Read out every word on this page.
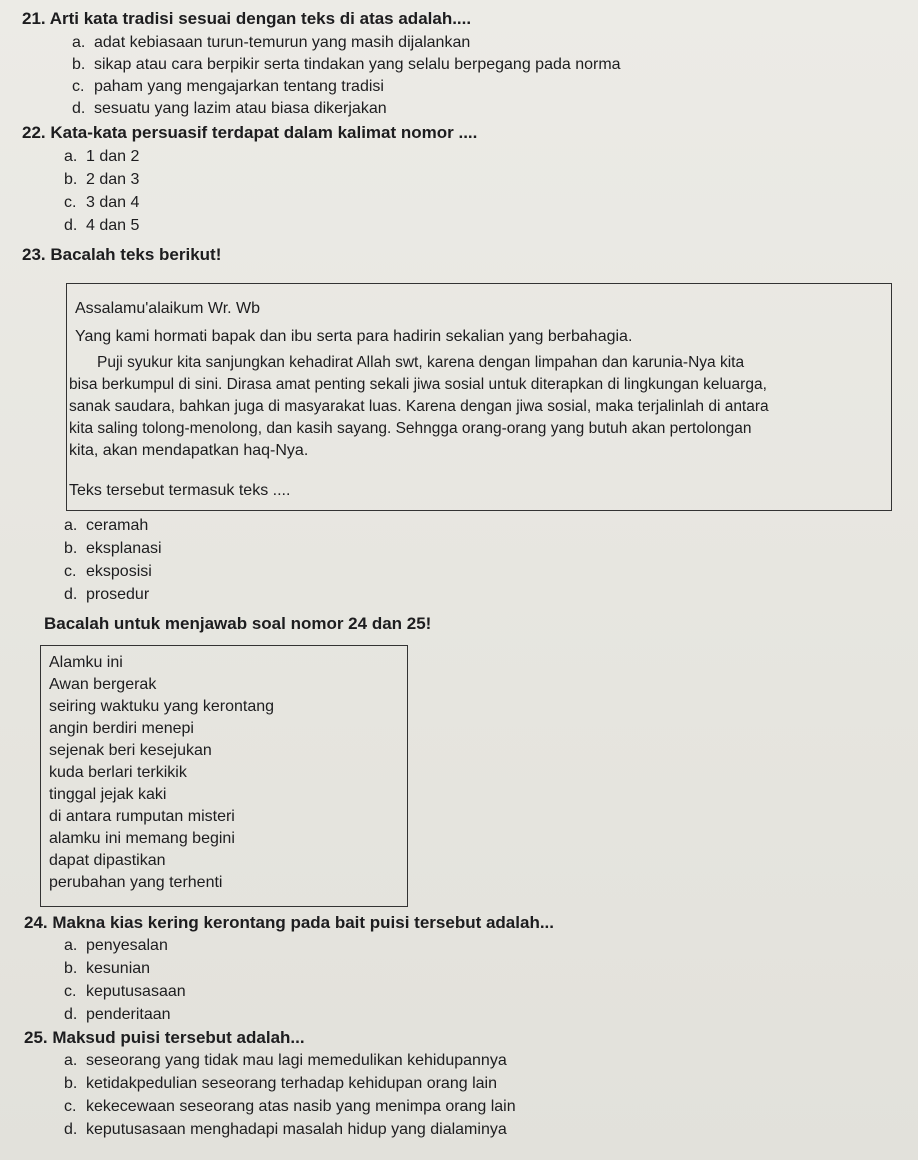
21. Arti kata tradisi sesuai dengan teks di atas adalah....
a. adat kebiasaan turun-temurun yang masih dijalankan
b. sikap atau cara berpikir serta tindakan yang selalu berpegang pada norma
c. paham yang mengajarkan tentang tradisi
d. sesuatu yang lazim atau biasa dikerjakan
22. Kata-kata persuasif terdapat dalam kalimat nomor ....
a. 1 dan 2
b. 2 dan 3
c. 3 dan 4
d. 4 dan 5
23. Bacalah teks berikut!
Assalamu'alaikum Wr. Wb
Yang kami hormati bapak dan ibu serta para hadirin sekalian yang berbahagia.
Puji syukur kita sanjungkan kehadirat Allah swt, karena dengan limpahan dan karunia-Nya kita
bisa berkumpul di sini. Dirasa amat penting sekali jiwa sosial untuk diterapkan di lingkungan keluarga,
sanak saudara, bahkan juga di masyarakat luas. Karena dengan jiwa sosial, maka terjalinlah di antara
kita saling tolong-menolong, dan kasih sayang. Sehngga orang-orang yang butuh akan pertolongan
kita, akan mendapatkan haq-Nya.
Teks tersebut termasuk teks ....
a. ceramah
b. eksplanasi
c. eksposisi
d. prosedur
Bacalah untuk menjawab soal nomor 24 dan 25!
Alamku ini
Awan bergerak
seiring waktuku yang kerontang
angin berdiri menepi
sejenak beri kesejukan
kuda berlari terkikik
tinggal jejak kaki
di antara rumputan misteri
alamku ini memang begini
dapat dipastikan
perubahan yang terhenti
24. Makna kias kering kerontang pada bait puisi tersebut adalah...
a. penyesalan
b. kesunian
c. keputusasaan
d. penderitaan
25. Maksud puisi tersebut adalah...
a. seseorang yang tidak mau lagi memedulikan kehidupannya
b. ketidakpedulian seseorang terhadap kehidupan orang lain
c. kekecewaan seseorang atas nasib yang menimpa orang lain
d. keputusasaan menghadapi masalah hidup yang dialaminya
